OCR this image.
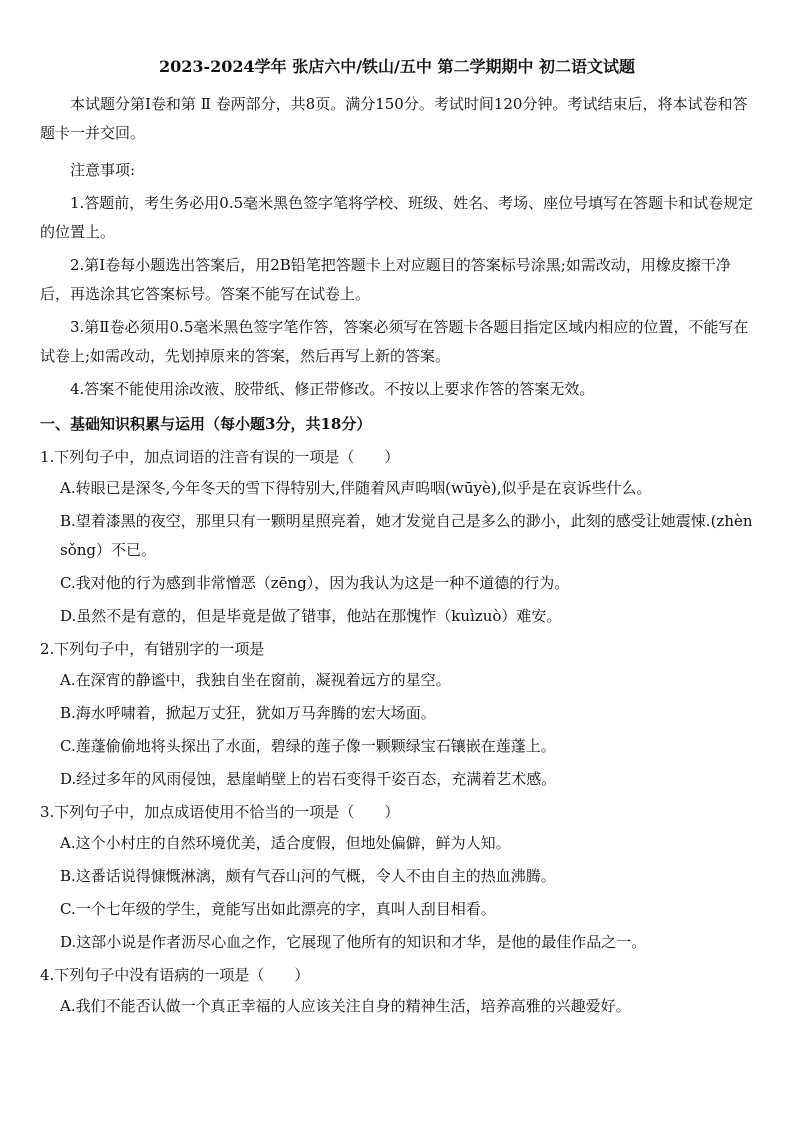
2023-2024学年 张店六中/铁山/五中 第二学期期中 初二语文试题

本试题分第Ⅰ卷和第 Ⅱ 卷两部分，共8页。满分150分。考试时间120分钟。考试结束后，将本试卷和答题卡一并交回。

注意事项:

1.答题前，考生务必用0.5毫米黑色签字笔将学校、班级、姓名、考场、座位号填写在答题卡和试卷规定的位置上。

2.第Ⅰ卷每小题选出答案后，用2B铅笔把答题卡上对应题目的答案标号涂黑;如需改动，用橡皮擦干净后，再选涂其它答案标号。答案不能写在试卷上。

3.第Ⅱ卷必须用0.5毫米黑色签字笔作答，答案必须写在答题卡各题目指定区域内相应的位置，不能写在试卷上;如需改动，先划掉原来的答案，然后再写上新的答案。

4.答案不能使用涂改液、胶带纸、修正带修改。不按以上要求作答的答案无效。

一、基础知识积累与运用（每小题3分，共18分）
1.下列句子中，加点词语的注音有误的一项是（　　）
A.转眼已是深冬,今年冬天的雪下得特别大,伴随着风声呜咽(wūyè),似乎是在哀诉些什么。
B.望着漆黑的夜空，那里只有一颗明星照亮着，她才发觉自己是多么的渺小，此刻的感受让她震悚.(zhèn sǒng）不已。
C.我对他的行为感到非常憎恶（zēng），因为我认为这是一种不道德的行为。
D.虽然不是有意的，但是毕竟是做了错事，他站在那愧怍（kuìzuò）难安。
2.下列句子中，有错别字的一项是
A.在深宵的静谧中，我独自坐在窗前，凝视着远方的星空。
B.海水呼啸着，掀起万丈狂，犹如万马奔腾的宏大场面。
C.莲蓬偷偷地将头探出了水面，碧绿的莲子像一颗颗绿宝石镶嵌在莲蓬上。
D.经过多年的风雨侵蚀，悬崖峭壁上的岩石变得千姿百态，充满着艺术感。
3.下列句子中，加点成语使用不恰当的一项是（　　）
A.这个小村庄的自然环境优美，适合度假，但地处偏僻，鲜为人知。
B.这番话说得慷慨淋漓，颇有气吞山河的气概，令人不由自主的热血沸腾。
C.一个七年级的学生，竟能写出如此漂亮的字，真叫人刮目相看。
D.这部小说是作者沥尽心血之作，它展现了他所有的知识和才华，是他的最佳作品之一。
4.下列句子中没有语病的一项是（　　）
A.我们不能否认做一个真正幸福的人应该关注自身的精神生活，培养高雅的兴趣爱好。
